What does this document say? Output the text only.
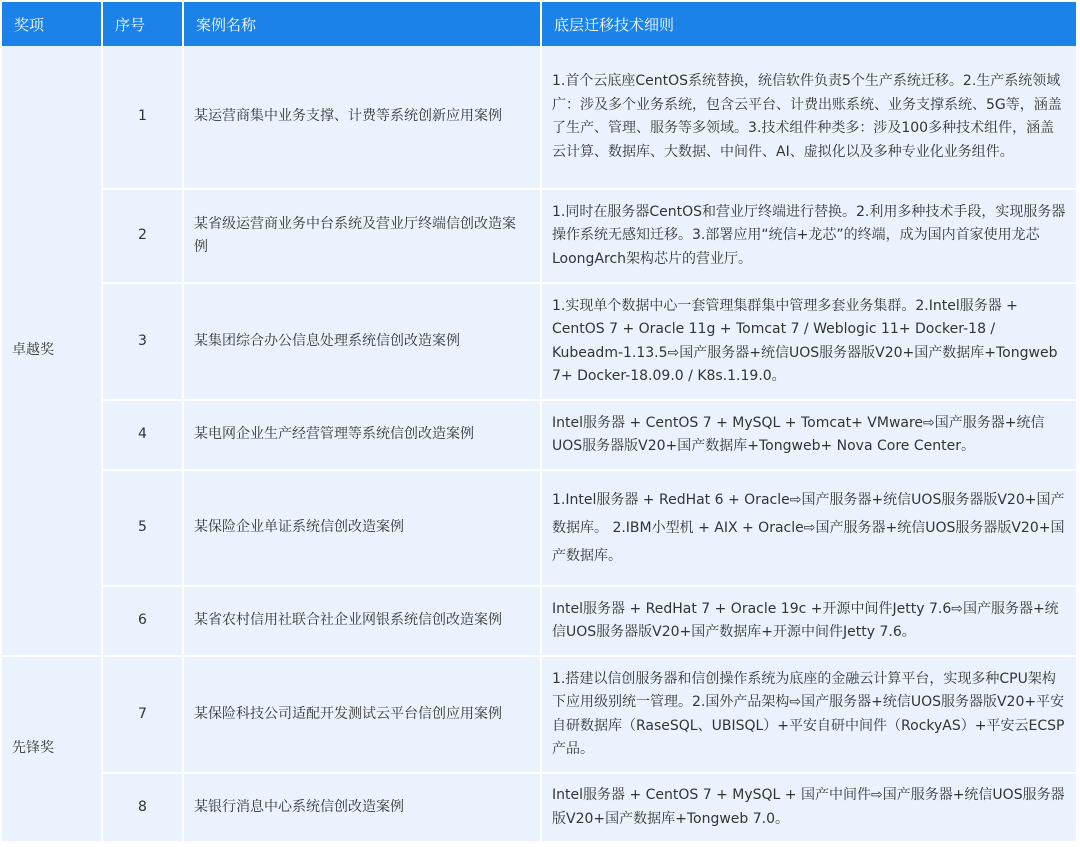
奖项	序号	案例名称	底层迁移技术细则
卓越奖	1	某运营商集中业务支撑、计费等系统创新应用案例	1.首个云底座CentOS系统替换，统信软件负责5个生产系统迁移。2.生产系统领域广：涉及多个业务系统，包含云平台、计费出账系统、业务支撑系统、5G等，涵盖了生产、管理、服务等多领域。3.技术组件种类多：涉及100多种技术组件，涵盖云计算、数据库、大数据、中间件、AI、虚拟化以及多种专业化业务组件。
	2	某省级运营商业务中台系统及营业厅终端信创改造案例	1.同时在服务器CentOS和营业厅终端进行替换。2.利用多种技术手段，实现服务器操作系统无感知迁移。3.部署应用“统信+龙芯”的终端，成为国内首家使用龙芯LoongArch架构芯片的营业厅。
	3	某集团综合办公信息处理系统信创改造案例	1.实现单个数据中心一套管理集群集中管理多套业务集群。2.Intel服务器 + CentOS 7 + Oracle 11g + Tomcat 7 / Weblogic 11+ Docker-18 / Kubeadm-1.13.5⇨国产服务器+统信UOS服务器版V20+国产数据库+Tongweb 7+ Docker-18.09.0 / K8s.1.19.0。
	4	某电网企业生产经营管理等系统信创改造案例	Intel服务器 + CentOS 7 + MySQL + Tomcat+ VMware⇨国产服务器+统信UOS服务器版V20+国产数据库+Tongweb+ Nova Core Center。
	5	某保险企业单证系统信创改造案例	1.Intel服务器 + RedHat 6 + Oracle⇨国产服务器+统信UOS服务器版V20+国产数据库。 2.IBM小型机 + AIX + Oracle⇨国产服务器+统信UOS服务器版V20+国产数据库。
	6	某省农村信用社联合社企业网银系统信创改造案例	Intel服务器 + RedHat 7 + Oracle 19c +开源中间件Jetty 7.6⇨国产服务器+统信UOS服务器版V20+国产数据库+开源中间件Jetty 7.6。
先锋奖	7	某保险科技公司适配开发测试云平台信创应用案例	1.搭建以信创服务器和信创操作系统为底座的金融云计算平台，实现多种CPU架构下应用级别统一管理。2.国外产品架构⇨国产服务器+统信UOS服务器版V20+平安自研数据库（RaseSQL、UBISQL）+平安自研中间件（RockyAS）+平安云ECSP产品。
	8	某银行消息中心系统信创改造案例	Intel服务器 + CentOS 7 + MySQL + 国产中间件⇨国产服务器+统信UOS服务器版V20+国产数据库+Tongweb 7.0。
